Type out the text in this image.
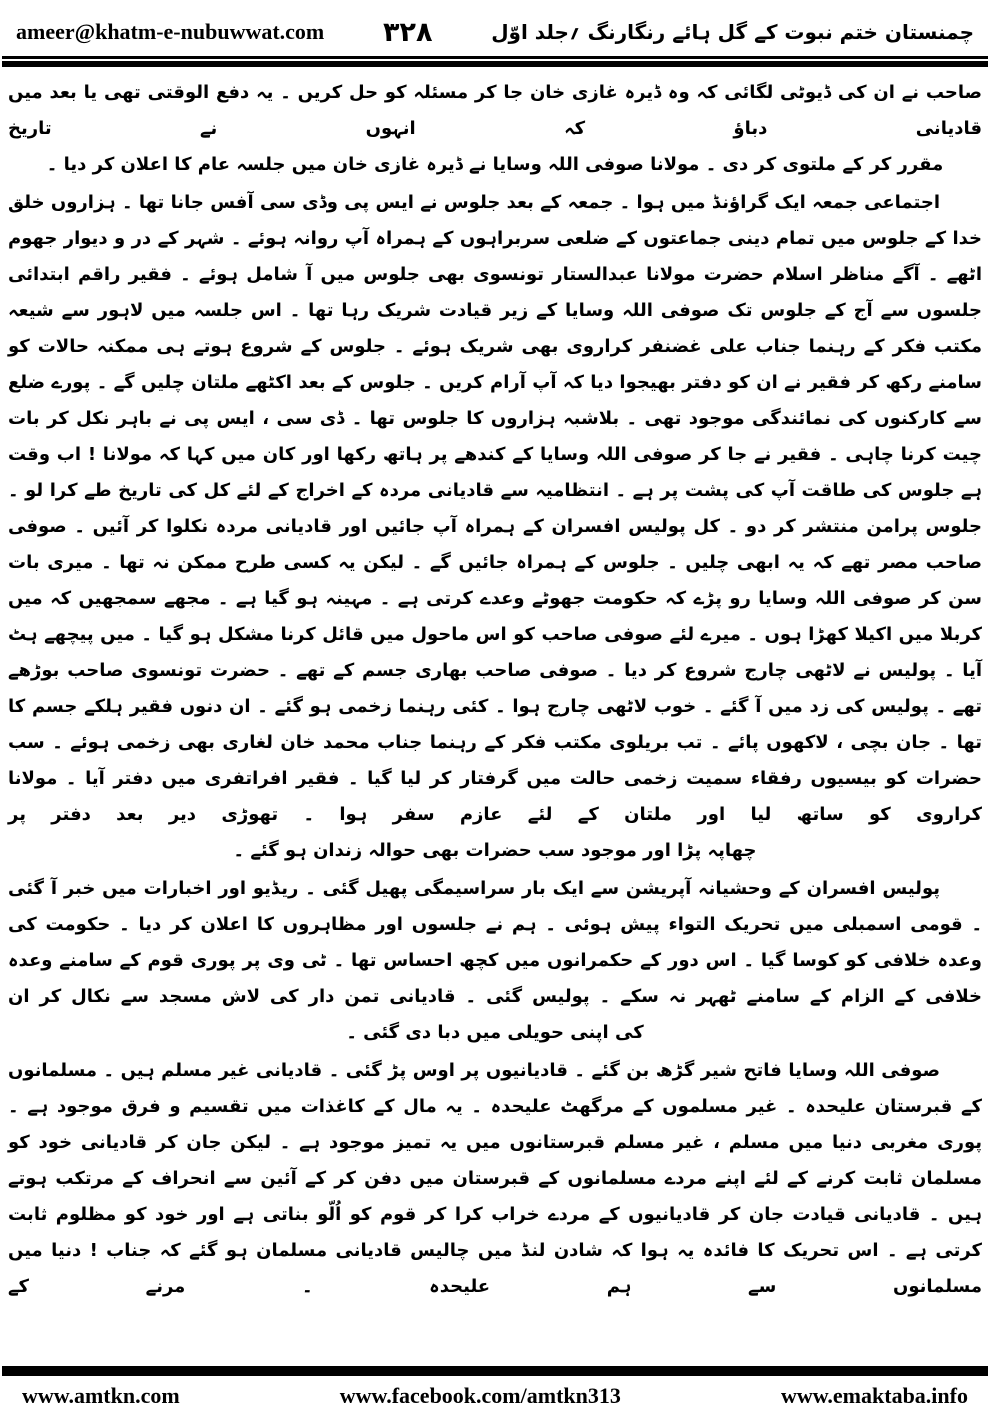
ameer@khatm-e-nubuwwat.com ۳۲۸	چمنستان ختم نبوت کے گل ہائے رنگارنگ ؍جلد اوّل

صاحب نے ان کی ڈیوٹی لگائی کہ وہ ڈیرہ غازی خان جا کر مسئلہ کو حل کریں ۔ یہ دفع الوقتی تھی یا بعد میں قادیانی دباؤ کہ انہوں نے تاریخ

مقرر کر کے ملتوی کر دی ۔ مولانا صوفی اللہ وسایا نے ڈیرہ غازی خان میں جلسہ عام کا اعلان کر دیا ۔

اجتماعی جمعہ ایک گراؤنڈ میں ہوا ۔ جمعہ کے بعد جلوس نے ایس پی وڈی سی آفس جانا تھا ۔ ہزاروں خلق خدا کے جلوس میں تمام دینی جماعتوں کے ضلعی سربراہوں کے ہمراہ آپ روانہ ہوئے ۔ شہر کے در و دیوار جھوم اٹھے ۔ آگے مناظر اسلام حضرت مولانا عبدالستار تونسوی بھی جلوس میں آ شامل ہوئے ۔ فقیر راقم ابتدائی جلسوں سے آج کے جلوس تک صوفی اللہ وسایا کے زیر قیادت شریک رہا تھا ۔ اس جلسہ میں لاہور سے شیعہ مکتب فکر کے رہنما جناب علی غضنفر کراروی بھی شریک ہوئے ۔ جلوس کے شروع ہوتے ہی ممکنہ حالات کو سامنے رکھ کر فقیر نے ان کو دفتر بھیجوا دیا کہ آپ آرام کریں ۔ جلوس کے بعد اکٹھے ملتان چلیں گے ۔ پورے ضلع سے کارکنوں کی نمائندگی موجود تھی ۔ بلاشبہ ہزاروں کا جلوس تھا ۔ ڈی سی ، ایس پی نے باہر نکل کر بات چیت کرنا چاہی ۔ فقیر نے جا کر صوفی اللہ وسایا کے کندھے پر ہاتھ رکھا اور کان میں کہا کہ مولانا ! اب وقت ہے جلوس کی طاقت آپ کی پشت پر ہے ۔ انتظامیہ سے قادیانی مردہ کے اخراج کے لئے کل کی تاریخ طے کرا لو ۔ جلوس پرامن منتشر کر دو ۔ کل پولیس افسران کے ہمراہ آپ جائیں اور قادیانی مردہ نکلوا کر آئیں ۔ صوفی صاحب مصر تھے کہ یہ ابھی چلیں ۔ جلوس کے ہمراہ جائیں گے ۔ لیکن یہ کسی طرح ممکن نہ تھا ۔ میری بات سن کر صوفی اللہ وسایا رو پڑے کہ حکومت جھوٹے وعدے کرتی ہے ۔ مہینہ ہو گیا ہے ۔ مجھے سمجھیں کہ میں کربلا میں اکیلا کھڑا ہوں ۔ میرے لئے صوفی صاحب کو اس ماحول میں قائل کرنا مشکل ہو گیا ۔ میں پیچھے ہٹ آیا ۔ پولیس نے لاٹھی چارج شروع کر دیا ۔ صوفی صاحب بھاری جسم کے تھے ۔ حضرت تونسوی صاحب بوڑھے تھے ۔ پولیس کی زد میں آ گئے ۔ خوب لاٹھی چارج ہوا ۔ کئی رہنما زخمی ہو گئے ۔ ان دنوں فقیر ہلکے جسم کا تھا ۔ جان بچی ، لاکھوں پائے ۔ تب بریلوی مکتب فکر کے رہنما جناب محمد خان لغاری بھی زخمی ہوئے ۔ سب حضرات کو بیسیوں رفقاء سمیت زخمی حالت میں گرفتار کر لیا گیا ۔ فقیر افراتفری میں دفتر آیا ۔ مولانا کراروی کو ساتھ لیا اور ملتان کے لئے عازم سفر ہوا ۔ تھوڑی دیر بعد دفتر پر

چھاپہ پڑا اور موجود سب حضرات بھی حوالہ زندان ہو گئے ۔

پولیس افسران کے وحشیانہ آپریشن سے ایک بار سراسیمگی پھیل گئی ۔ ریڈیو اور اخبارات میں خبر آ گئی ۔ قومی اسمبلی میں تحریک التواء پیش ہوئی ۔ ہم نے جلسوں اور مظاہروں کا اعلان کر دیا ۔ حکومت کی وعدہ خلافی کو کوسا گیا ۔ اس دور کے حکمرانوں میں کچھ احساس تھا ۔ ٹی وی پر پوری قوم کے سامنے وعدہ خلافی کے الزام کے سامنے ٹھہر نہ سکے ۔ پولیس گئی ۔ قادیانی تمن دار کی لاش مسجد سے نکال کر ان

کی اپنی حویلی میں دبا دی گئی ۔

صوفی اللہ وسایا فاتح شیر گڑھ بن گئے ۔ قادیانیوں پر اوس پڑ گئی ۔ قادیانی غیر مسلم ہیں ۔ مسلمانوں کے قبرستان علیحدہ ۔ غیر مسلموں کے مرگھٹ علیحدہ ۔ یہ مال کے کاغذات میں تقسیم و فرق موجود ہے ۔ پوری مغربی دنیا میں مسلم ، غیر مسلم قبرستانوں میں یہ تمیز موجود ہے ۔ لیکن جان کر قادیانی خود کو مسلمان ثابت کرنے کے لئے اپنے مردے مسلمانوں کے قبرستان میں دفن کر کے آئین سے انحراف کے مرتکب ہوتے ہیں ۔ قادیانی قیادت جان کر قادیانیوں کے مردے خراب کرا کر قوم کو اُلّو بناتی ہے اور خود کو مظلوم ثابت کرتی ہے ۔ اس تحریک کا فائدہ یہ ہوا کہ شادن لنڈ میں چالیس قادیانی مسلمان ہو گئے کہ جناب ! دنیا میں مسلمانوں سے ہم علیحدہ ۔ مرنے کے

www.amtkn.com	www.facebook.com/amtkn313	www.emaktaba.info
